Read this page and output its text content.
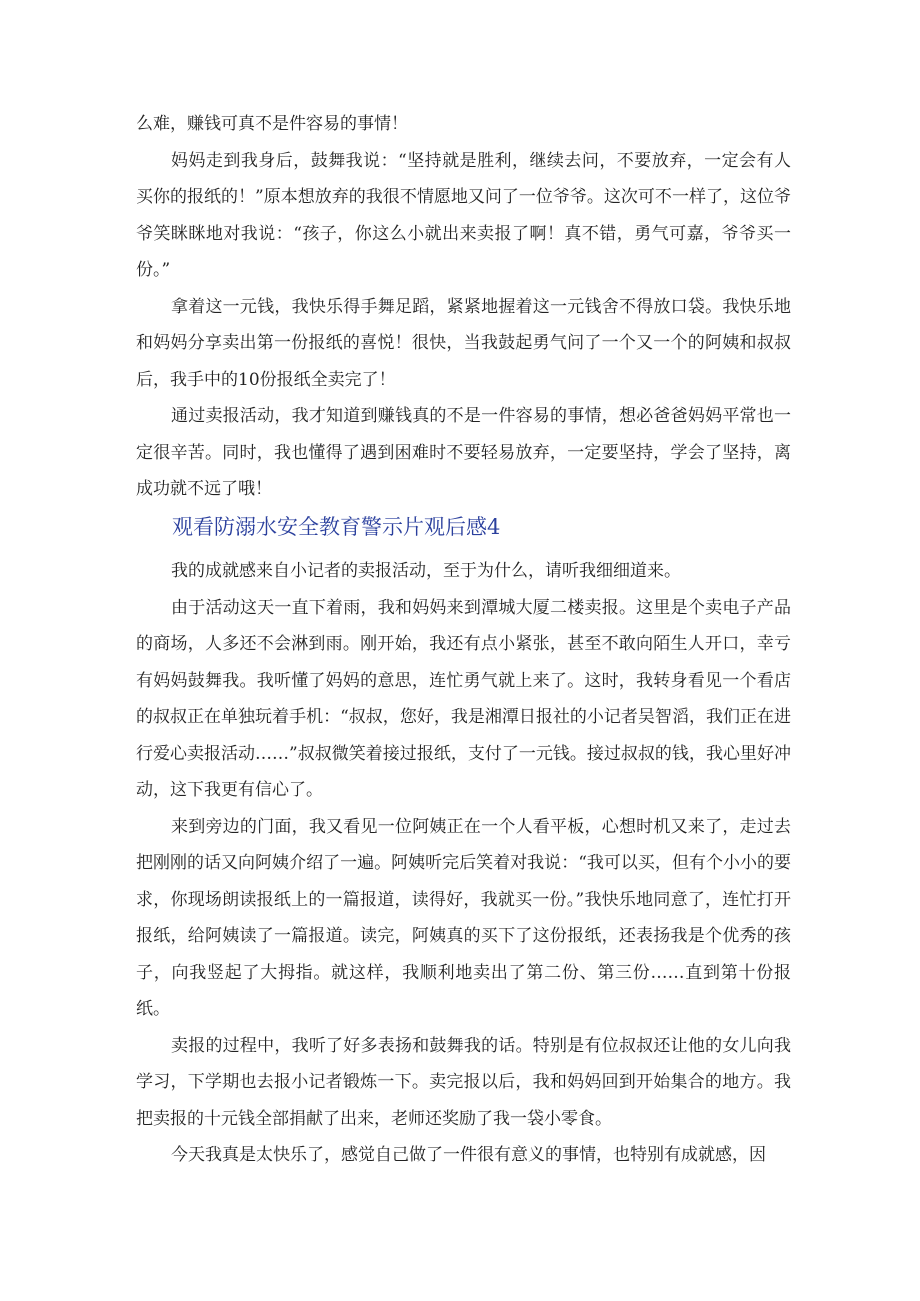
么难，赚钱可真不是件容易的事情！

妈妈走到我身后，鼓舞我说：“坚持就是胜利，继续去问，不要放弃，一定会有人买你的报纸的！”原本想放弃的我很不情愿地又问了一位爷爷。这次可不一样了，这位爷爷笑眯眯地对我说：“孩子，你这么小就出来卖报了啊！真不错，勇气可嘉，爷爷买一份。”

拿着这一元钱，我快乐得手舞足蹈，紧紧地握着这一元钱舍不得放口袋。我快乐地和妈妈分享卖出第一份报纸的喜悦！很快，当我鼓起勇气问了一个又一个的阿姨和叔叔后，我手中的10份报纸全卖完了！

通过卖报活动，我才知道到赚钱真的不是一件容易的事情，想必爸爸妈妈平常也一定很辛苦。同时，我也懂得了遇到困难时不要轻易放弃，一定要坚持，学会了坚持，离成功就不远了哦！

观看防溺水安全教育警示片观后感4

我的成就感来自小记者的卖报活动，至于为什么，请听我细细道来。

由于活动这天一直下着雨，我和妈妈来到潭城大厦二楼卖报。这里是个卖电子产品的商场，人多还不会淋到雨。刚开始，我还有点小紧张，甚至不敢向陌生人开口，幸亏有妈妈鼓舞我。我听懂了妈妈的意思，连忙勇气就上来了。这时，我转身看见一个看店的叔叔正在单独玩着手机：“叔叔，您好，我是湘潭日报社的小记者吴智滔，我们正在进行爱心卖报活动……”叔叔微笑着接过报纸，支付了一元钱。接过叔叔的钱，我心里好冲动，这下我更有信心了。

来到旁边的门面，我又看见一位阿姨正在一个人看平板，心想时机又来了，走过去把刚刚的话又向阿姨介绍了一遍。阿姨听完后笑着对我说：“我可以买，但有个小小的要求，你现场朗读报纸上的一篇报道，读得好，我就买一份。”我快乐地同意了，连忙打开报纸，给阿姨读了一篇报道。读完，阿姨真的买下了这份报纸，还表扬我是个优秀的孩子，向我竖起了大拇指。就这样，我顺利地卖出了第二份、第三份……直到第十份报纸。

卖报的过程中，我听了好多表扬和鼓舞我的话。特别是有位叔叔还让他的女儿向我学习，下学期也去报小记者锻炼一下。卖完报以后，我和妈妈回到开始集合的地方。我把卖报的十元钱全部捐献了出来，老师还奖励了我一袋小零食。

今天我真是太快乐了，感觉自己做了一件很有意义的事情，也特别有成就感，因
